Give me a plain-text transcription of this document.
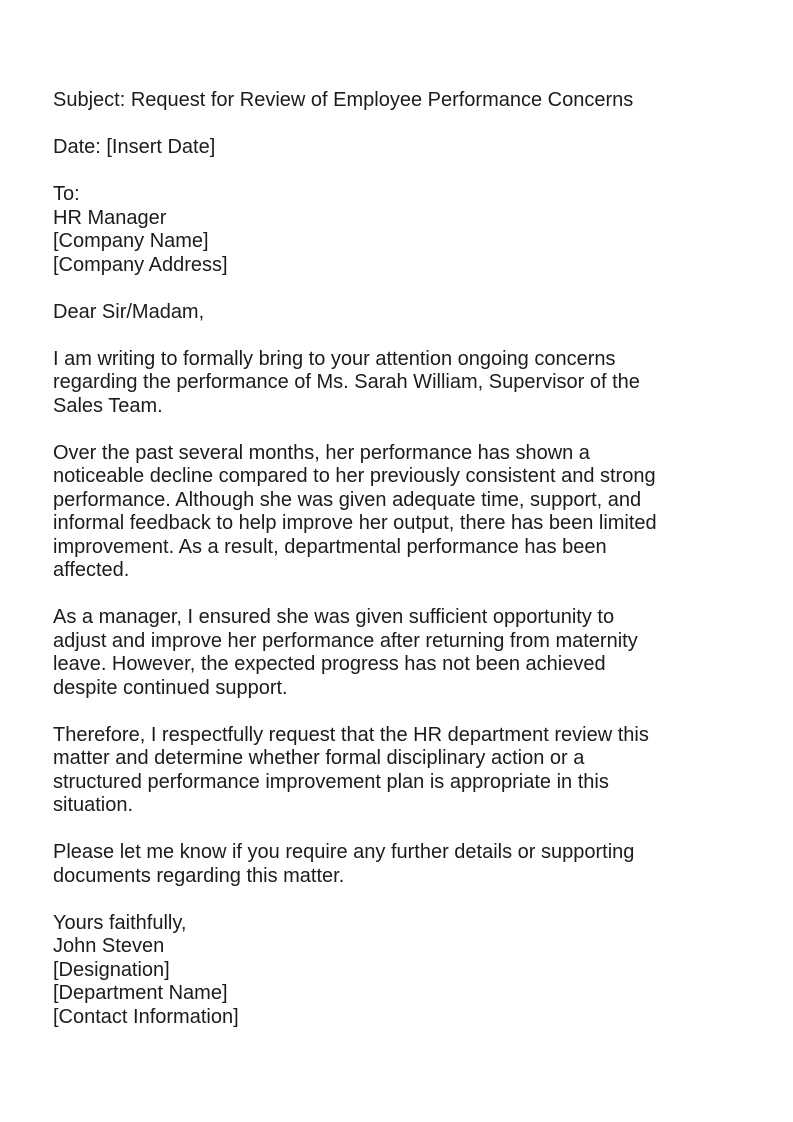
Subject: Request for Review of Employee Performance Concerns
Date: [Insert Date]
To:
HR Manager
[Company Name]
[Company Address]
Dear Sir/Madam,
I am writing to formally bring to your attention ongoing concerns
regarding the performance of Ms. Sarah William, Supervisor of the
Sales Team.
Over the past several months, her performance has shown a
noticeable decline compared to her previously consistent and strong
performance. Although she was given adequate time, support, and
informal feedback to help improve her output, there has been limited
improvement. As a result, departmental performance has been
affected.
As a manager, I ensured she was given sufficient opportunity to
adjust and improve her performance after returning from maternity
leave. However, the expected progress has not been achieved
despite continued support.
Therefore, I respectfully request that the HR department review this
matter and determine whether formal disciplinary action or a
structured performance improvement plan is appropriate in this
situation.
Please let me know if you require any further details or supporting
documents regarding this matter.
Yours faithfully,
John Steven
[Designation]
[Department Name]
[Contact Information]
